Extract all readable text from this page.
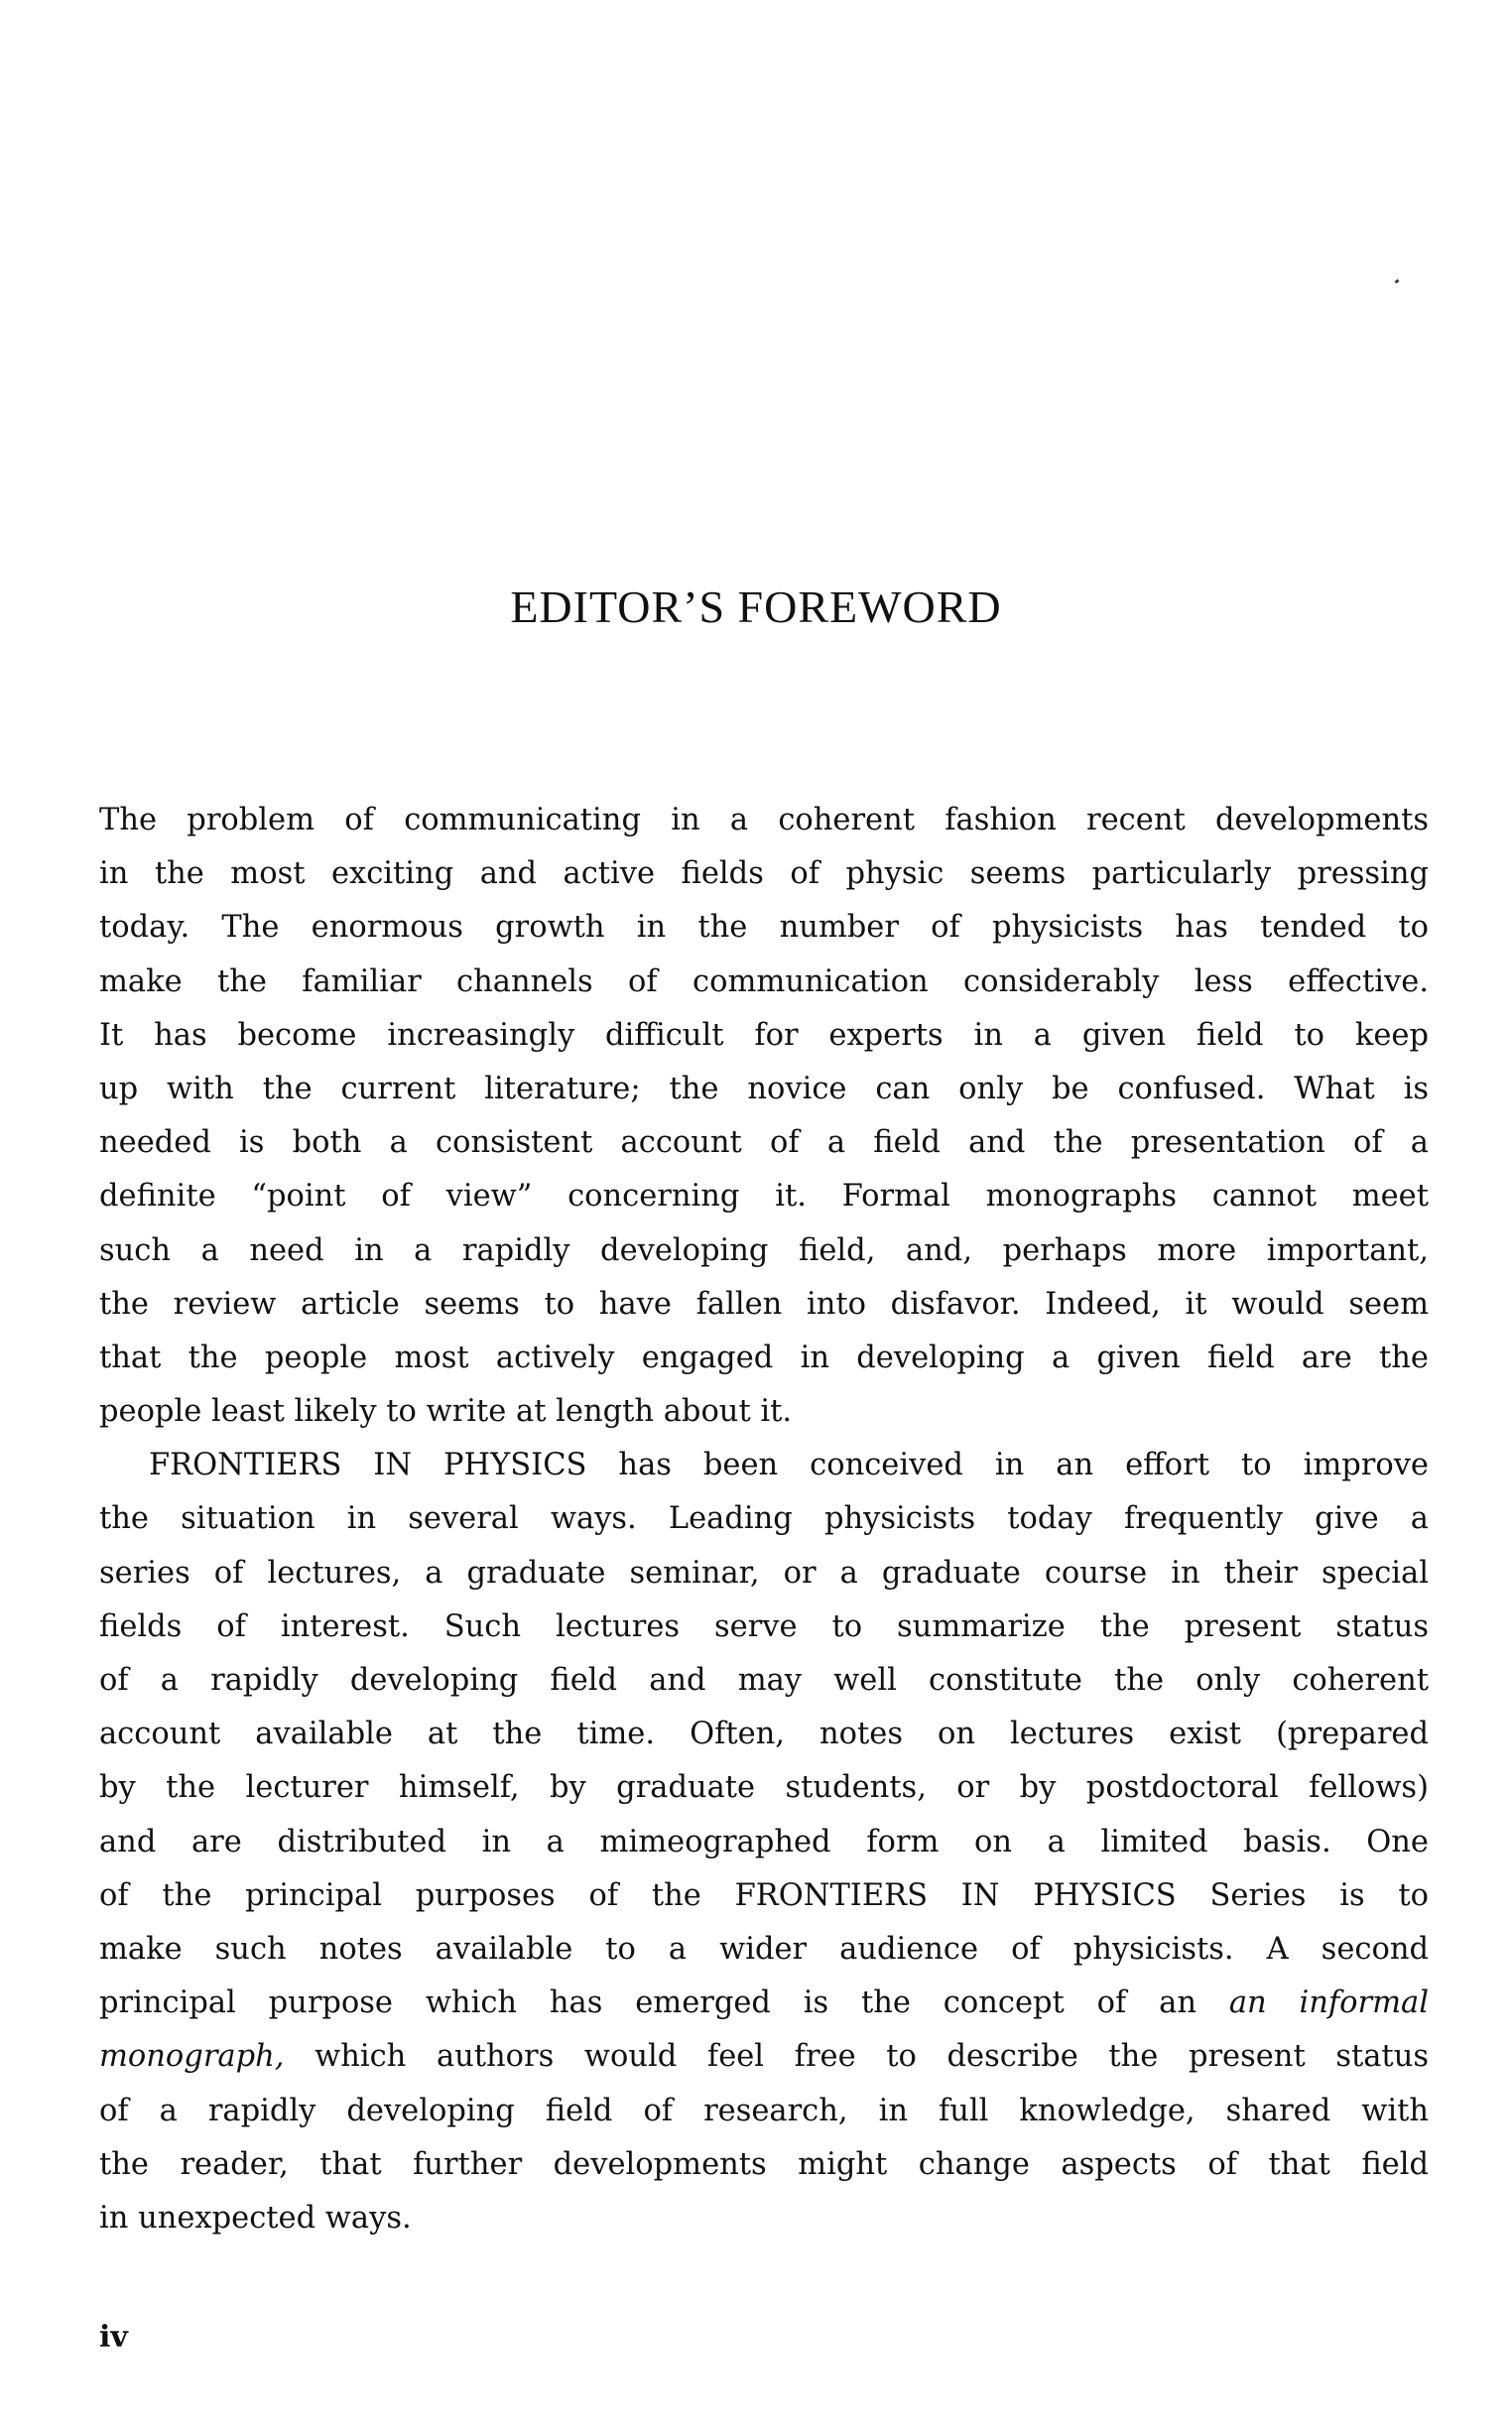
EDITOR’S FOREWORD
The problem of communicating in a coherent fashion recent developments
in the most exciting and active fields of physic seems particularly pressing
today. The enormous growth in the number of physicists has tended to
make the familiar channels of communication considerably less effective.
It has become increasingly difficult for experts in a given field to keep
up with the current literature; the novice can only be confused. What is
needed is both a consistent account of a field and the presentation of a
definite “point of view” concerning it. Formal monographs cannot meet
such a need in a rapidly developing field, and, perhaps more important,
the review article seems to have fallen into disfavor. Indeed, it would seem
that the people most actively engaged in developing a given field are the
people least likely to write at length about it.
FRONTIERS IN PHYSICS has been conceived in an effort to improve
the situation in several ways. Leading physicists today frequently give a
series of lectures, a graduate seminar, or a graduate course in their special
fields of interest. Such lectures serve to summarize the present status
of a rapidly developing field and may well constitute the only coherent
account available at the time. Often, notes on lectures exist (prepared
by the lecturer himself, by graduate students, or by postdoctoral fellows)
and are distributed in a mimeographed form on a limited basis. One
of the principal purposes of the FRONTIERS IN PHYSICS Series is to
make such notes available to a wider audience of physicists. A second
principal purpose which has emerged is the concept of an an informal
monograph, which authors would feel free to describe the present status
of a rapidly developing field of research, in full knowledge, shared with
the reader, that further developments might change aspects of that field
in unexpected ways.

iv
